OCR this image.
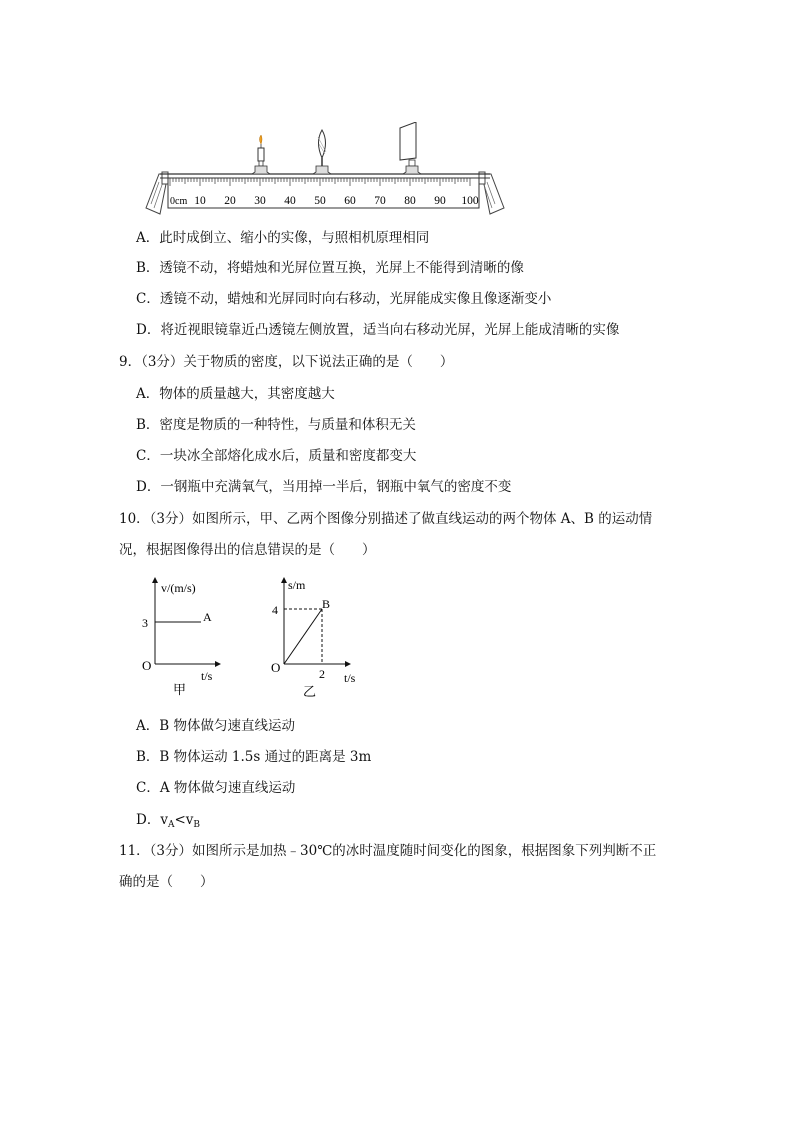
0cm 10 20 30 40 50 60 70 80 90 100
A．此时成倒立、缩小的实像，与照相机原理相同
B．透镜不动，将蜡烛和光屏位置互换，光屏上不能得到清晰的像
C．透镜不动，蜡烛和光屏同时向右移动，光屏能成实像且像逐渐变小
D．将近视眼镜靠近凸透镜左侧放置，适当向右移动光屏，光屏上能成清晰的实像
9．（3分）关于物质的密度，以下说法正确的是（　　）
A．物体的质量越大，其密度越大
B．密度是物质的一种特性，与质量和体积无关
C．一块冰全部熔化成水后，质量和密度都变大
D．一钢瓶中充满氧气，当用掉一半后，钢瓶中氧气的密度不变
10．（3分）如图所示，甲、乙两个图像分别描述了做直线运动的两个物体 A、B 的运动情
况，根据图像得出的信息错误的是（　　）
v/(m/s)
3	A
O
t/s
甲
s/m
4	B
O	2 t/s
乙
A．B 物体做匀速直线运动
B．B 物体运动 1.5s 通过的距离是 3m
C．A 物体做匀速直线运动
D．$v_A<v_B$
11．（3分）如图所示是加热﹣30℃的冰时温度随时间变化的图象，根据图象下列判断不正
确的是（　　）
